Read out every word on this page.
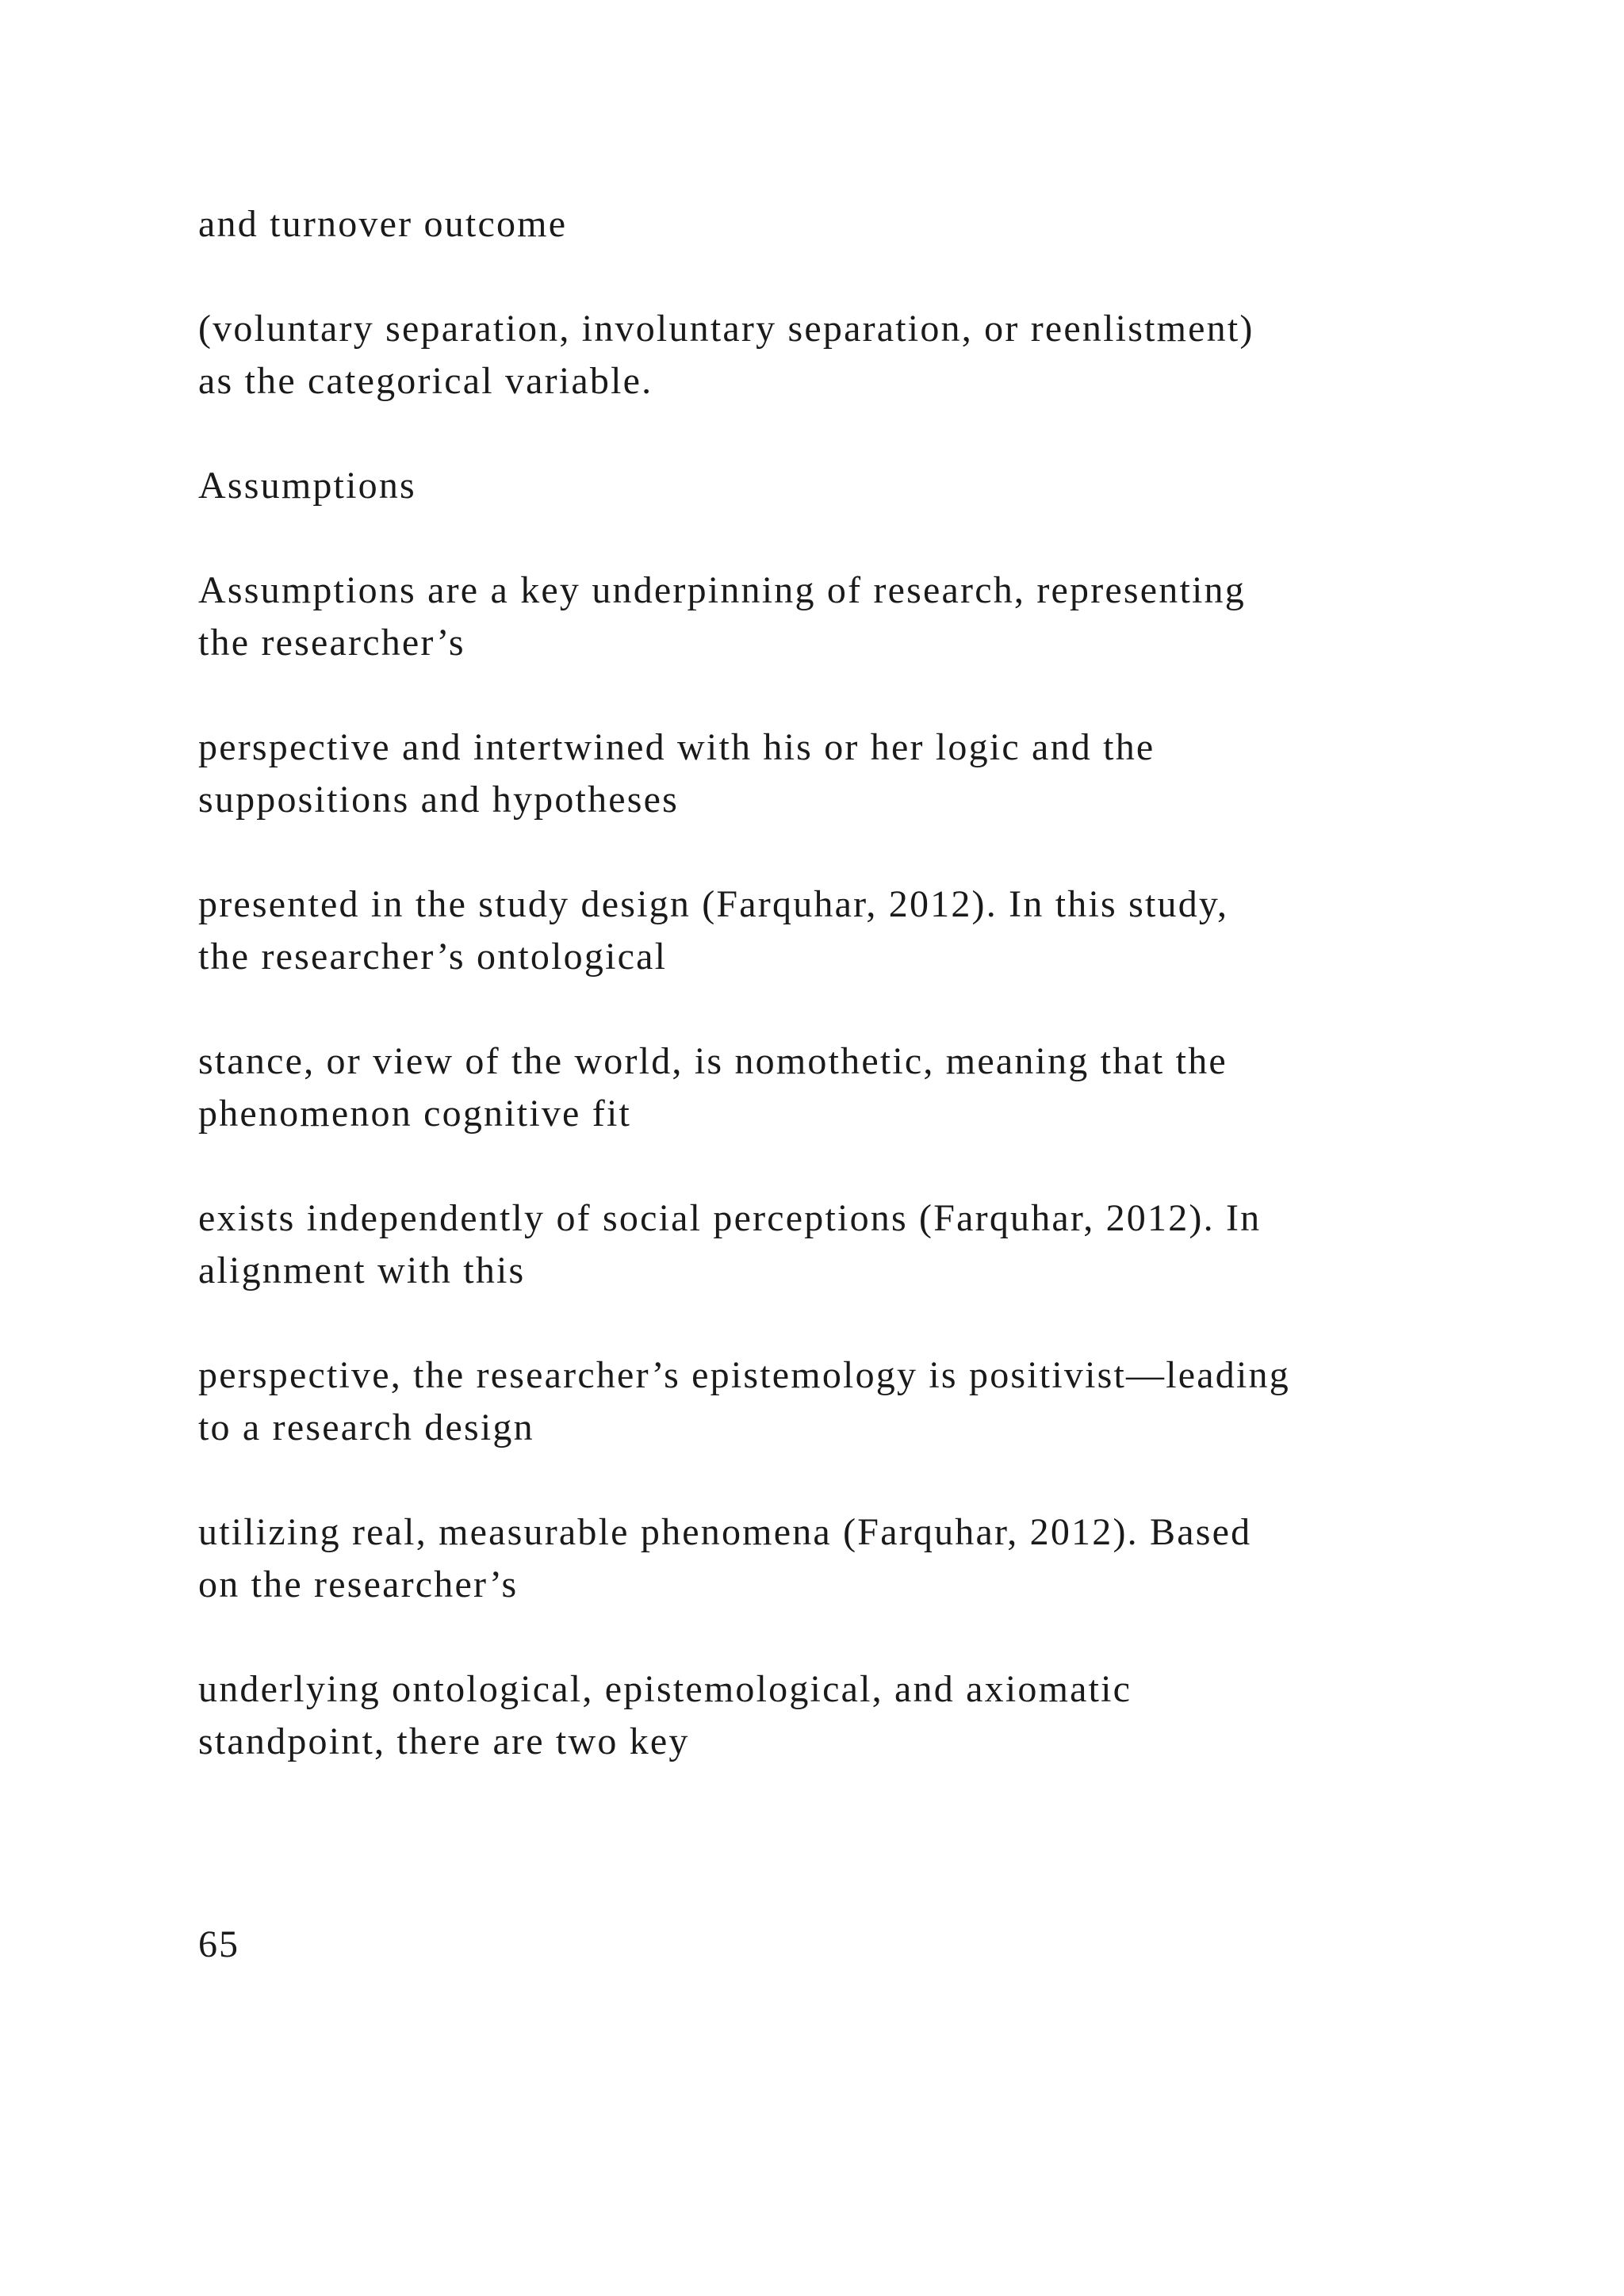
and turnover outcome

(voluntary separation, involuntary separation, or reenlistment)
as the categorical variable.

Assumptions

Assumptions are a key underpinning of research, representing
the researcher’s

perspective and intertwined with his or her logic and the
suppositions and hypotheses

presented in the study design (Farquhar, 2012). In this study,
the researcher’s ontological

stance, or view of the world, is nomothetic, meaning that the
phenomenon cognitive fit

exists independently of social perceptions (Farquhar, 2012). In
alignment with this

perspective, the researcher’s epistemology is positivist—leading
to a research design

utilizing real, measurable phenomena (Farquhar, 2012). Based
on the researcher’s

underlying ontological, epistemological, and axiomatic
standpoint, there are two key

65
